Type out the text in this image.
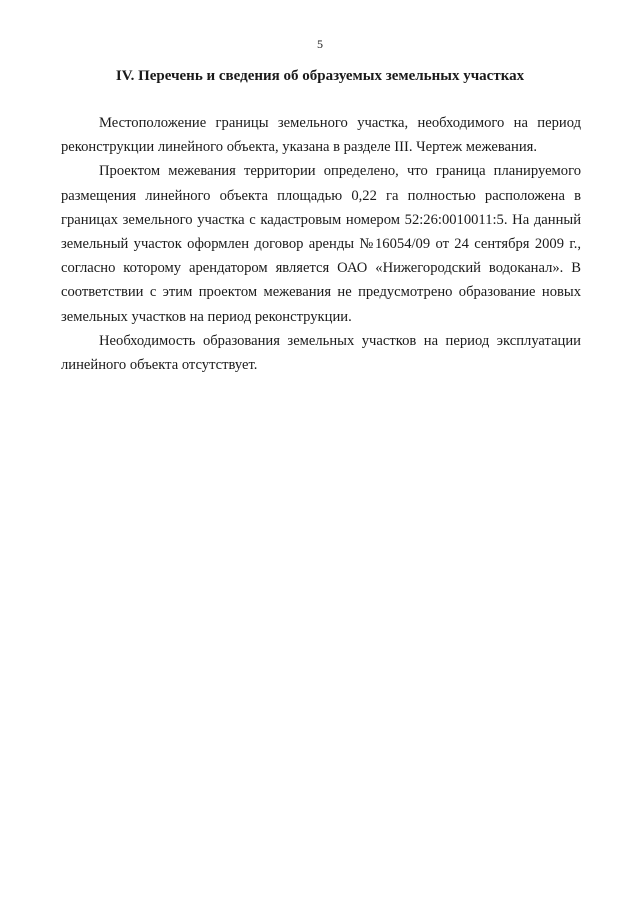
5
IV. Перечень и сведения об образуемых земельных участках

Местоположение границы земельного участка, необходимого на период реконструкции линейного объекта, указана в разделе III. Чертеж межевания.

Проектом межевания территории определено, что граница планируемого размещения линейного объекта площадью 0,22 га полностью расположена в границах земельного участка с кадастровым номером 52:26:0010011:5. На данный земельный участок оформлен договор аренды №16054/09 от 24 сентября 2009 г., согласно которому арендатором является ОАО «Нижегородский водоканал». В соответствии с этим проектом межевания не предусмотрено образование новых земельных участков на период реконструкции.

Необходимость образования земельных участков на период эксплуатации линейного объекта отсутствует.
